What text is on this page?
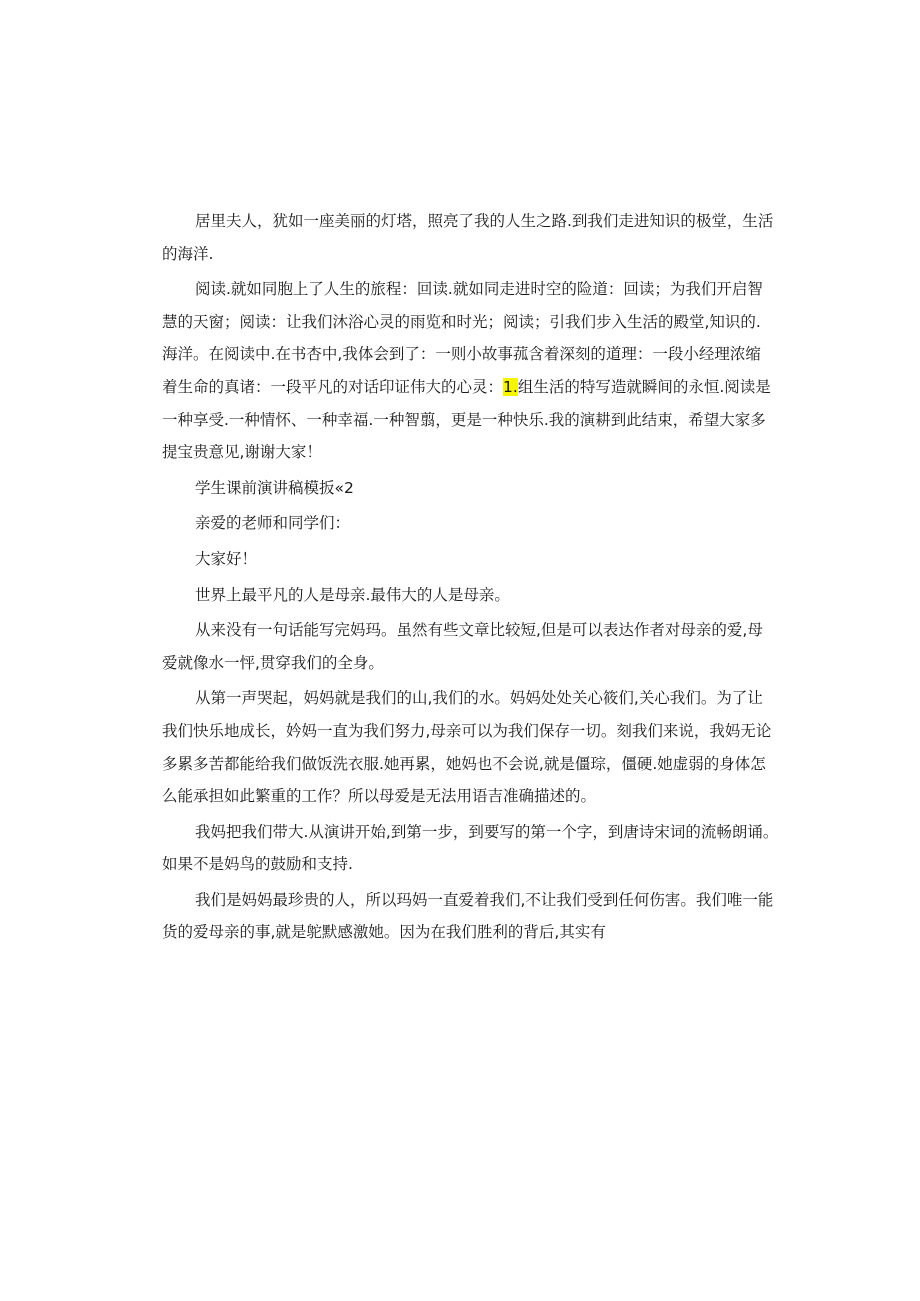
居里夫人，犹如一座美丽的灯塔，照亮了我的人生之路.到我们走进知识的极堂，生活
的海洋.

阅读.就如同胞上了人生的旅程：回读.就如同走进时空的险道：回读；为我们开启智
慧的天窗；阅读：让我们沐浴心灵的雨览和时光；阅读；引我们步入生活的殿堂,知识的.
海洋。在阅读中.在书杏中,我体会到了：一则小故事菰含着深刻的道理：一段小经理浓缩
着生命的真诸：一段平凡的对话印证伟大的心灵：1.组生活的特写造就瞬间的永恒.阅读是
一种享受.一种情怀、一种幸福.一种智翦，更是一种快乐.我的演耕到此结束，希望大家多
提宝贵意见,谢谢大家！

学生课前演讲稿模扳«2

亲爱的老师和同学们：

大家好！

世界上最平凡的人是母亲.最伟大的人是母亲。

从来没有一句话能写完妈玛。虽然有些文章比较短,但是可以表达作者对母亲的爱,母
爱就像水一怦,贯穿我们的全身。

从第一声哭起，妈妈就是我们的山,我们的水。妈妈处处关心筱们,关心我们。为了让
我们快乐地成长，妗妈一直为我们努力,母亲可以为我们保存一切。刻我们来说，我妈无论
多累多苦都能给我们做饭洗衣服.她再累，她妈也不会说,就是僵琮，僵硬.她虚弱的身体怎
么能承担如此繁重的工作？所以母爱是无法用语吉准确描述的。

我妈把我们带大.从演讲开始,到第一步，到要写的第一个字，到唐诗宋词的流畅朗诵。
如果不是妈鸟的鼓励和支持.

我们是妈妈最珍贵的人，所以玛妈一直爱着我们,不让我们受到任何伤害。我们唯一能
货的爱母亲的事,就是鸵默感激她。因为在我们胜利的背后,其实有
